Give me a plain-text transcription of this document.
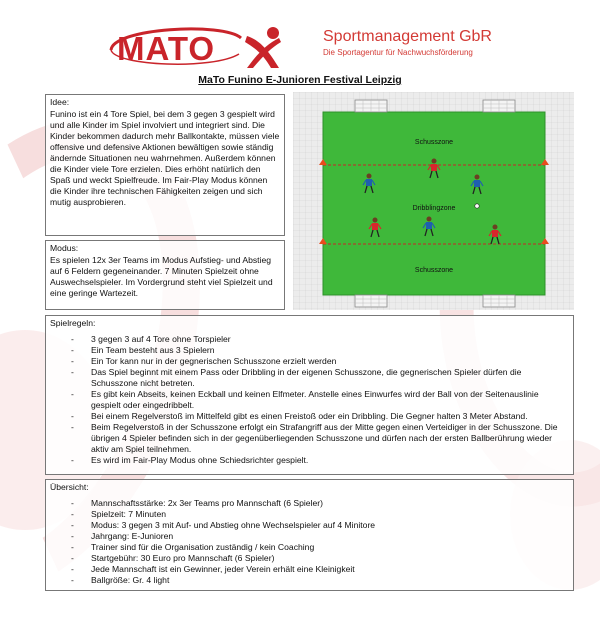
MATO	Sportmanagement GbR
Die Sportagentur für Nachwuchsförderung
MaTo Funino E-Junioren Festival Leipzig
Idee:
Funino ist ein 4 Tore Spiel, bei dem 3 gegen 3 gespielt wird und alle Kinder im Spiel involviert und integriert sind. Die Kinder bekommen dadurch mehr Ballkontakte, müssen viele offensive und defensive Aktionen bewältigen sowie ständig ändernde Situationen neu wahrnehmen. Außerdem können die Kinder viele Tore erzielen. Dies erhöht natürlich den Spaß und weckt Spielfreude. Im Fair-Play Modus können die Kinder ihre technischen Fähigkeiten zeigen und sich mutig ausprobieren.
Modus:
Es spielen 12x 3er Teams im Modus Aufstieg- und Abstieg auf 6 Feldern gegeneinander. 7 Minuten Spielzeit ohne Auswechselspieler. Im Vordergrund steht viel Spielzeit und eine geringe Wartezeit.
Schusszone
Dribblingzone
Schusszone
Spielregeln:
- 3 gegen 3 auf 4 Tore ohne Torspieler
- Ein Team besteht aus 3 Spielern
- Ein Tor kann nur in der gegnerischen Schusszone erzielt werden
- Das Spiel beginnt mit einem Pass oder Dribbling in der eigenen Schusszone, die gegnerischen Spieler dürfen die Schusszone nicht betreten.
- Es gibt kein Abseits, keinen Eckball und keinen Elfmeter. Anstelle eines Einwurfes wird der Ball von der Seitenauslinie gespielt oder eingedribbelt.
- Bei einem Regelverstoß im Mittelfeld gibt es einen Freistoß oder ein Dribbling. Die Gegner halten 3 Meter Abstand.
- Beim Regelverstoß in der Schusszone erfolgt ein Strafangriff aus der Mitte gegen einen Verteidiger in der Schusszone. Die übrigen 4 Spieler befinden sich in der gegenüberliegenden Schusszone und dürfen nach der ersten Ballberührung wieder aktiv am Spiel teilnehmen.
- Es wird im Fair-Play Modus ohne Schiedsrichter gespielt.
Übersicht:
- Mannschaftsstärke: 2x 3er Teams pro Mannschaft (6 Spieler)
- Spielzeit: 7 Minuten
- Modus: 3 gegen 3 mit Auf- und Abstieg ohne Wechselspieler auf 4 Minitore
- Jahrgang: E-Junioren
- Trainer sind für die Organisation zuständig / kein Coaching
- Startgebühr: 30 Euro pro Mannschaft (6 Spieler)
- Jede Mannschaft ist ein Gewinner, jeder Verein erhält eine Kleinigkeit
- Ballgröße: Gr. 4 light
